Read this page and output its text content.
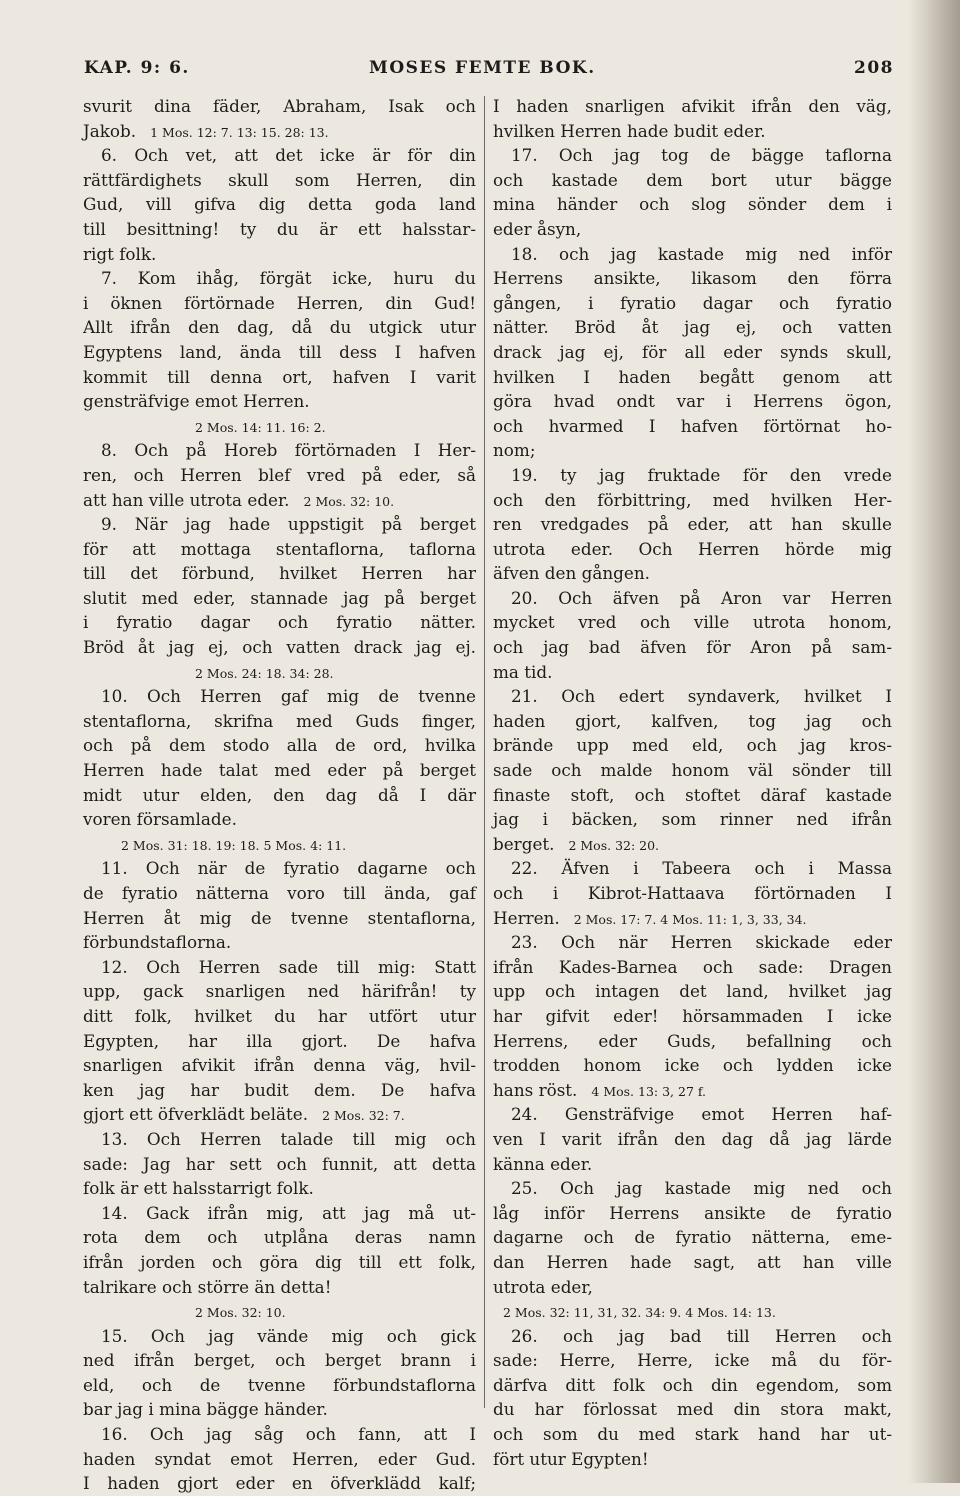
KAP. 9: 6.	MOSES FEMTE BOK.	208
svurit dina fäder, Abraham, Isak och
Jakob. 1 Mos. 12: 7. 13: 15. 28: 13.
6. Och vet, att det icke är för din
rättfärdighets skull som Herren, din
Gud, vill gifva dig detta goda land
till besittning! ty du är ett halsstar-
rigt folk.
7. Kom ihåg, förgät icke, huru du
i öknen förtörnade Herren, din Gud!
Allt ifrån den dag, då du utgick utur
Egyptens land, ända till dess I hafven
kommit till denna ort, hafven I varit
gensträfvige emot Herren.
2 Mos. 14: 11. 16: 2.
8. Och på Horeb förtörnaden I Her-
ren, och Herren blef vred på eder, så
att han ville utrota eder. 2 Mos. 32: 10.
9. När jag hade uppstigit på berget
för att mottaga stentaflorna, taflorna
till det förbund, hvilket Herren har
slutit med eder, stannade jag på berget
i fyratio dagar och fyratio nätter.
Bröd åt jag ej, och vatten drack jag ej.
2 Mos. 24: 18. 34: 28.
10. Och Herren gaf mig de tvenne
stentaflorna, skrifna med Guds finger,
och på dem stodo alla de ord, hvilka
Herren hade talat med eder på berget
midt utur elden, den dag då I där
voren församlade.
2 Mos. 31: 18. 19: 18. 5 Mos. 4: 11.
11. Och när de fyratio dagarne och
de fyratio nätterna voro till ända, gaf
Herren åt mig de tvenne stentaflorna,
förbundstaflorna.
12. Och Herren sade till mig: Statt
upp, gack snarligen ned härifrån! ty
ditt folk, hvilket du har utfört utur
Egypten, har illa gjort. De hafva
snarligen afvikit ifrån denna väg, hvil-
ken jag har budit dem. De hafva
gjort ett öfverklädt beläte. 2 Mos. 32: 7.
13. Och Herren talade till mig och
sade: Jag har sett och funnit, att detta
folk är ett halsstarrigt folk.
14. Gack ifrån mig, att jag må ut-
rota dem och utplåna deras namn
ifrån jorden och göra dig till ett folk,
talrikare och större än detta!
2 Mos. 32: 10.
15. Och jag vände mig och gick
ned ifrån berget, och berget brann i
eld, och de tvenne förbundstaflorna
bar jag i mina bägge händer.
16. Och jag såg och fann, att I
haden syndat emot Herren, eder Gud.
I haden gjort eder en öfverklädd kalf;
I haden snarligen afvikit ifrån den väg,
hvilken Herren hade budit eder.
17. Och jag tog de bägge taflorna
och kastade dem bort utur bägge
mina händer och slog sönder dem i
eder åsyn,
18. och jag kastade mig ned inför
Herrens ansikte, likasom den förra
gången, i fyratio dagar och fyratio
nätter. Bröd åt jag ej, och vatten
drack jag ej, för all eder synds skull,
hvilken I haden begått genom att
göra hvad ondt var i Herrens ögon,
och hvarmed I hafven förtörnat ho-
nom;
19. ty jag fruktade för den vrede
och den förbittring, med hvilken Her-
ren vredgades på eder, att han skulle
utrota eder. Och Herren hörde mig
äfven den gången.
20. Och äfven på Aron var Herren
mycket vred och ville utrota honom,
och jag bad äfven för Aron på sam-
ma tid.
21. Och edert syndaverk, hvilket I
haden gjort, kalfven, tog jag och
brände upp med eld, och jag kros-
sade och malde honom väl sönder till
finaste stoft, och stoftet däraf kastade
jag i bäcken, som rinner ned ifrån
berget. 2 Mos. 32: 20.
22. Äfven i Tabeera och i Massa
och i Kibrot-Hattaava förtörnaden I
Herren. 2 Mos. 17: 7. 4 Mos. 11: 1, 3, 33, 34.
23. Och när Herren skickade eder
ifrån Kades-Barnea och sade: Dragen
upp och intagen det land, hvilket jag
har gifvit eder! hörsammaden I icke
Herrens, eder Guds, befallning och
trodden honom icke och lydden icke
hans röst. 4 Mos. 13: 3, 27 f.
24. Gensträfvige emot Herren haf-
ven I varit ifrån den dag då jag lärde
känna eder.
25. Och jag kastade mig ned och
låg inför Herrens ansikte de fyratio
dagarne och de fyratio nätterna, eme-
dan Herren hade sagt, att han ville
utrota eder,
2 Mos. 32: 11, 31, 32. 34: 9. 4 Mos. 14: 13.
26. och jag bad till Herren och
sade: Herre, Herre, icke må du för-
därfva ditt folk och din egendom, som
du har förlossat med din stora makt,
och som du med stark hand har ut-
fört utur Egypten!
